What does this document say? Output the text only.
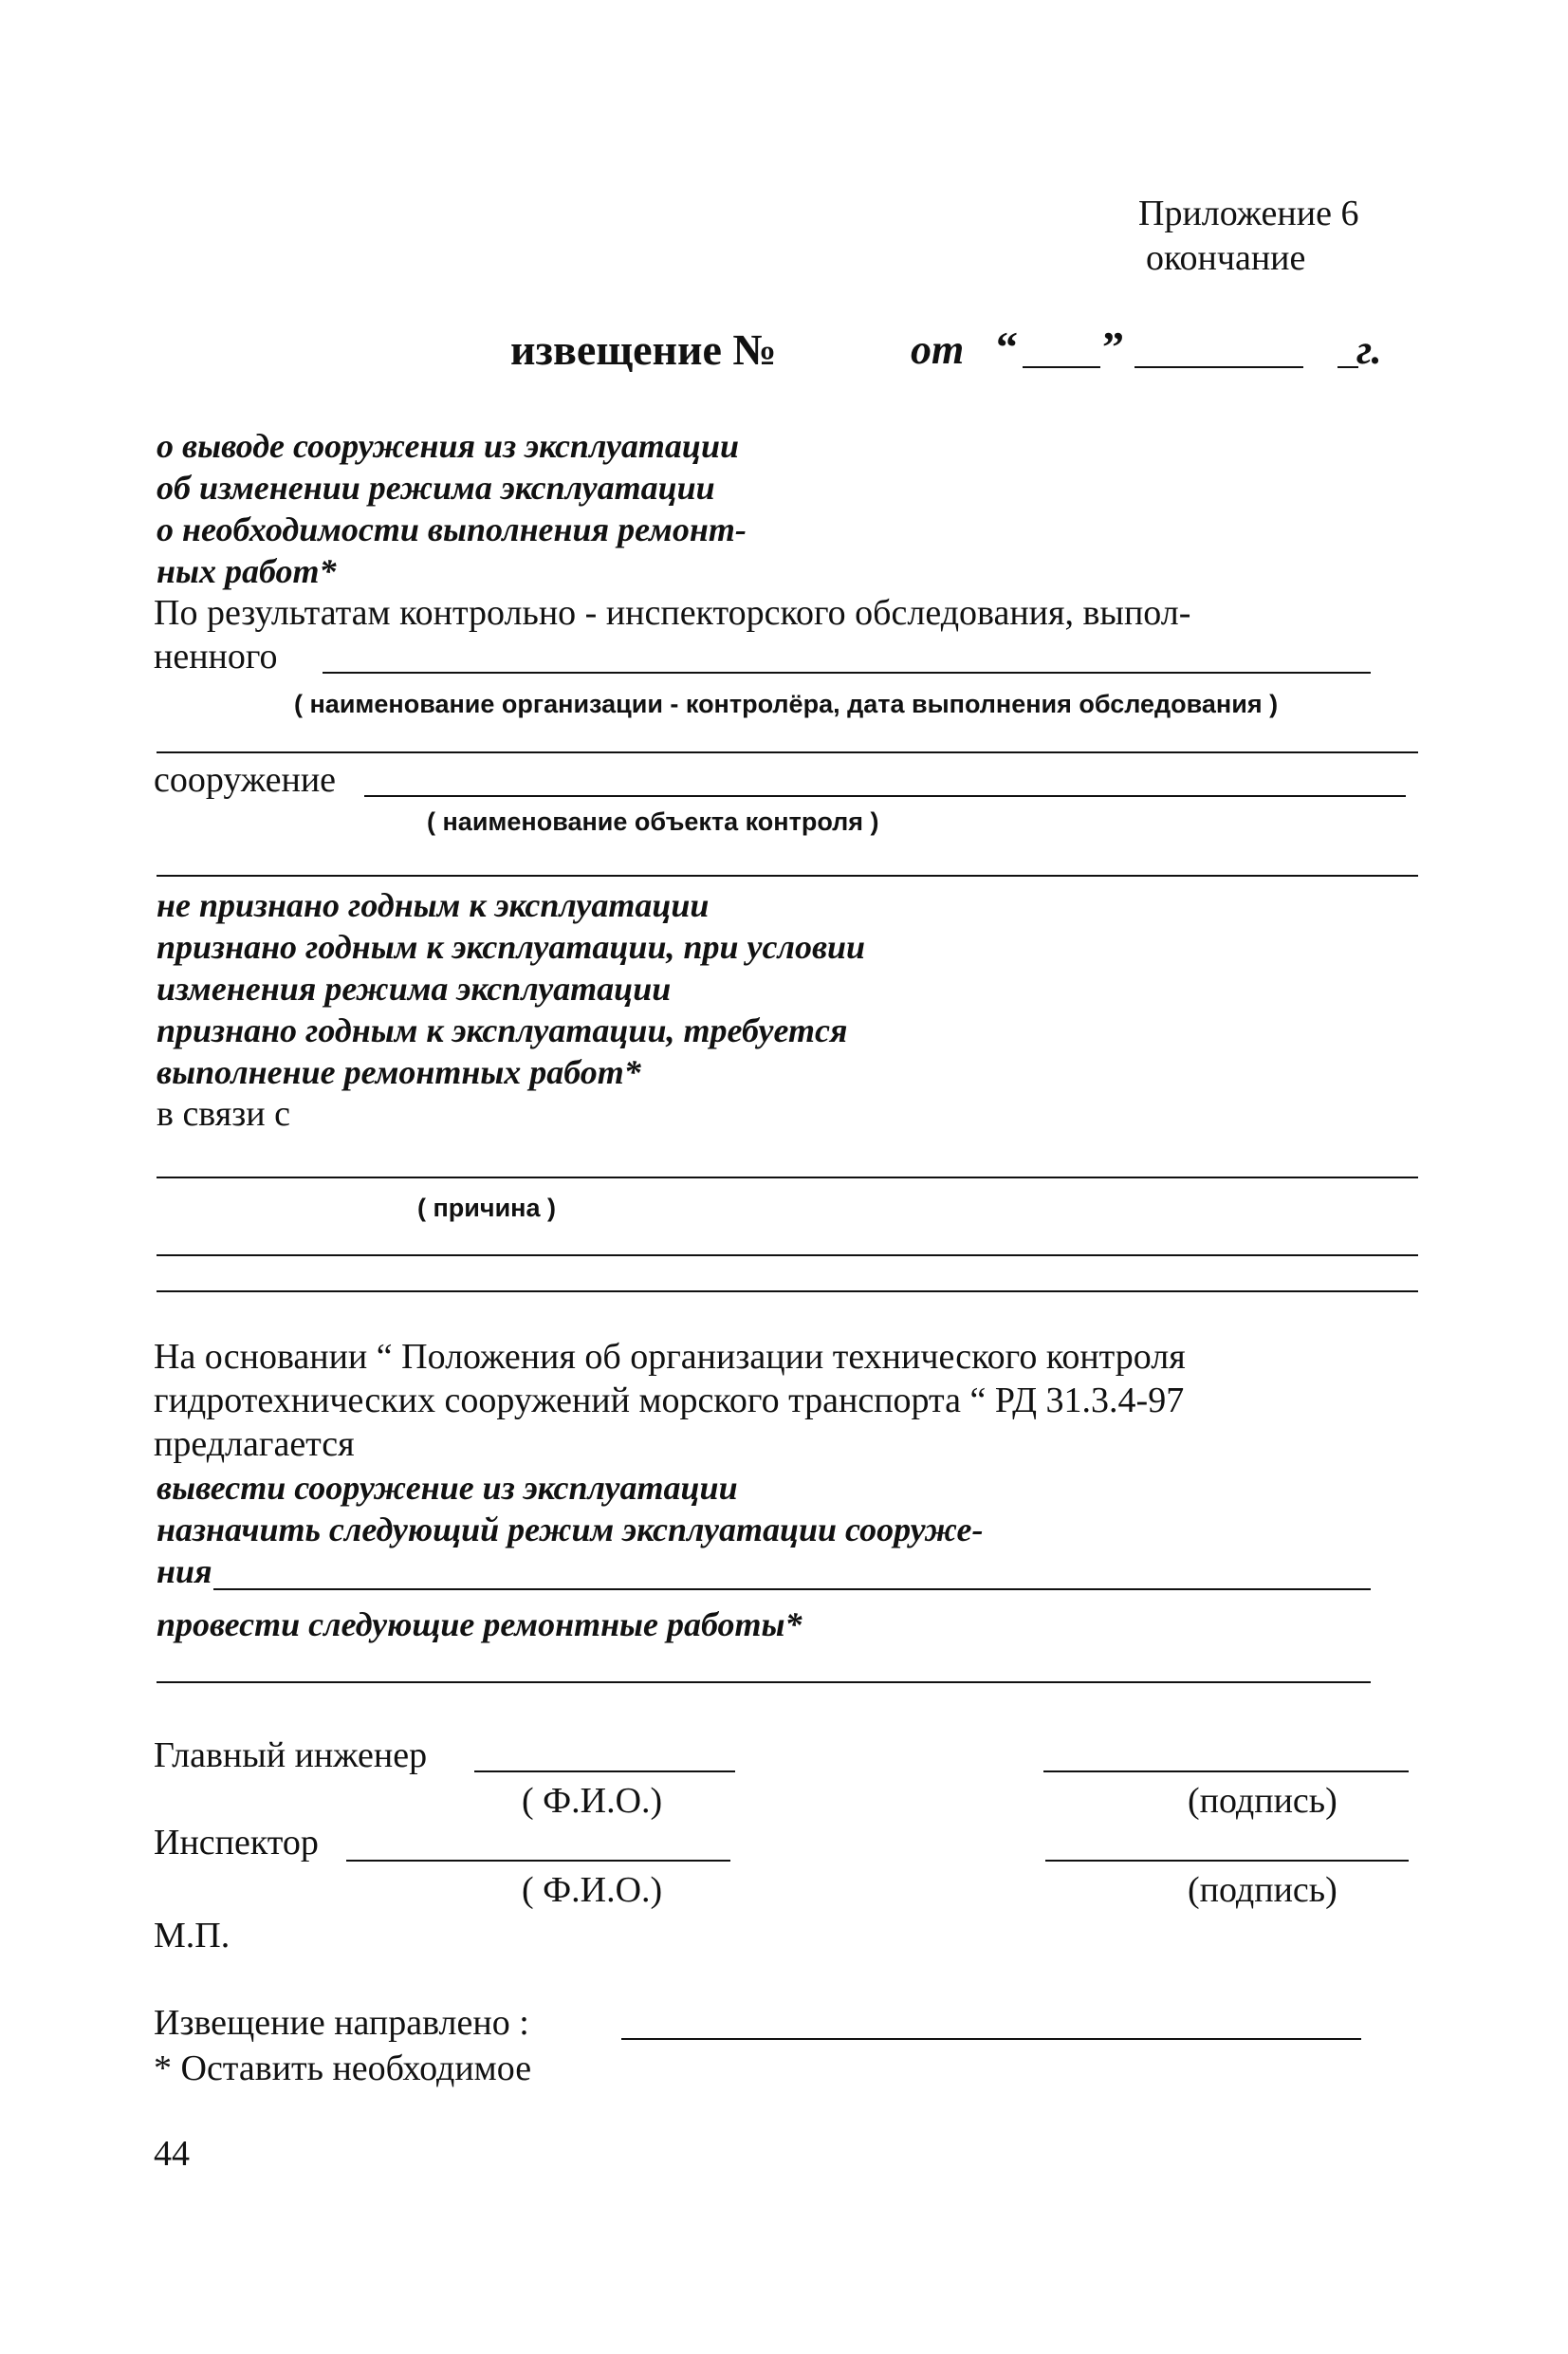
Приложение 6
окончание
извещение №	от “ ”	г.
о выводе сооружения из эксплуатации
об изменении режима эксплуатации
о необходимости выполнения ремонт-
ных работ*
По результатам контрольно - инспекторского обследования, выпол-
ненного
( наименование организации - контролёра, дата выполнения обследования )
сооружение
( наименование объекта контроля )
не признано годным к эксплуатации
признано годным к эксплуатации, при условии
изменения режима эксплуатации
признано годным к эксплуатации, требуется
выполнение ремонтных работ*
в связи с
( причина )
На основании “ Положения об организации технического контроля
гидротехнических сооружений морского транспорта “ РД 31.3.4-97
предлагается
вывести сооружение из эксплуатации
назначить следующий режим эксплуатации сооруже-
ния
провести следующие ремонтные работы*
Главный инженер
( Ф.И.О.)	(подпись)
Инспектор
( Ф.И.О.)	(подпись)
М.П.
Извещение направлено :
* Оставить необходимое
44
